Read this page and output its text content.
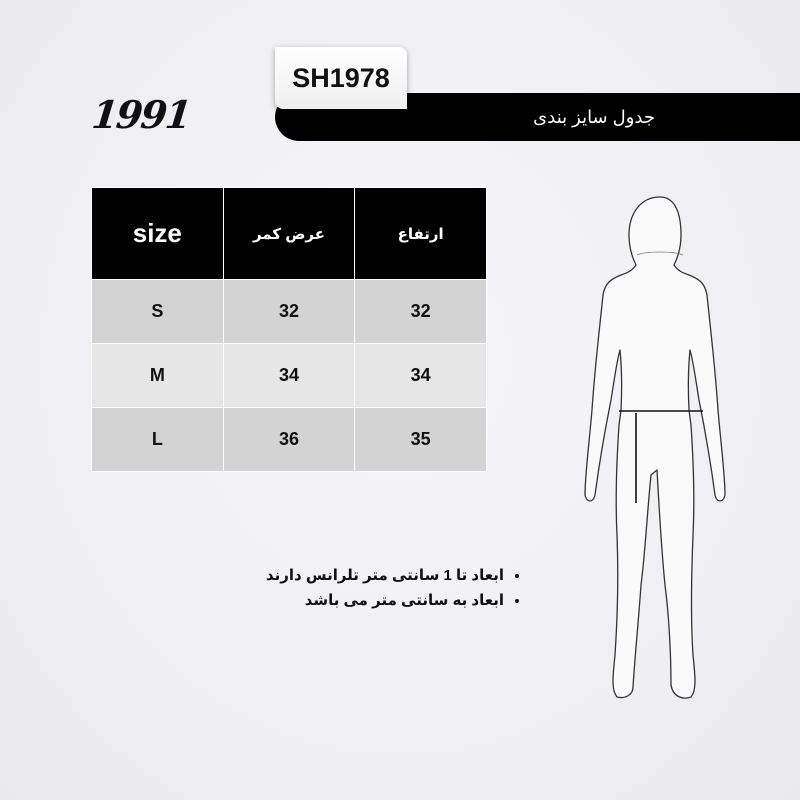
1991	جدول سایز بندی
SH1978
size	عرض کمر	ارتفاع
S	32	32
M	34	34
L	36	35
• ابعاد تا 1 سانتی متر تلرانس دارند
• ابعاد به سانتی متر می باشد
